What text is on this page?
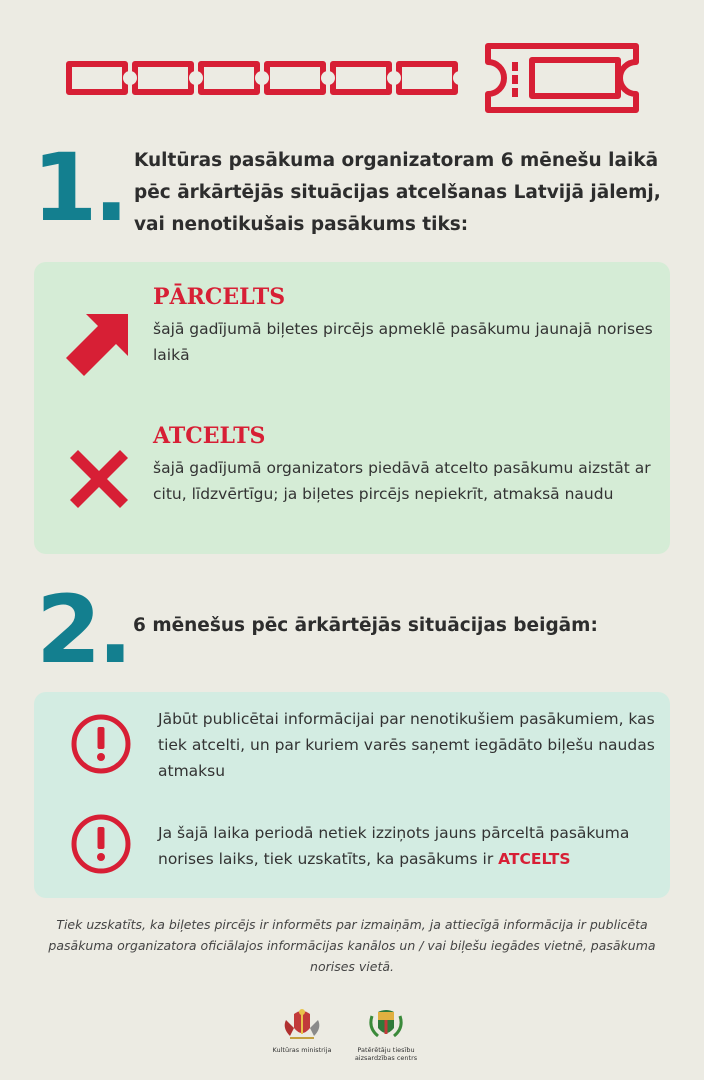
1. Kultūras pasākuma organizatoram 6 mēnešu laikā pēc ārkārtējās situācijas atcelšanas Latvijā jālemj, vai nenotikušais pasākums tiks:
PĀRCELTS
šajā gadījumā biļetes pircējs apmeklē pasākumu jaunajā norises laikā
ATCELTS
šajā gadījumā organizators piedāvā atcelto pasākumu aizstāt ar citu, līdzvērtīgu; ja biļetes pircējs nepiekrīt, atmaksā naudu
2. 6 mēnešus pēc ārkārtējās situācijas beigām:
Jābūt publicētai informācijai par nenotikušiem pasākumiem, kas tiek atcelti, un par kuriem varēs saņemt iegādāto biļešu naudas atmaksu
Ja šajā laika periodā netiek izziņots jauns pārceltā pasākuma norises laiks, tiek uzskatīts, ka pasākums ir ATCELTS
Tiek uzskatīts, ka biļetes pircējs ir informēts par izmaiņām, ja attiecīgā informācija ir publicēta pasākuma organizatora oficiālajos informācijas kanālos un / vai biļešu iegādes vietnē, pasākuma norises vietā.
Kultūras ministrija	Patērētāju tiesību
aizsardzības centrs
